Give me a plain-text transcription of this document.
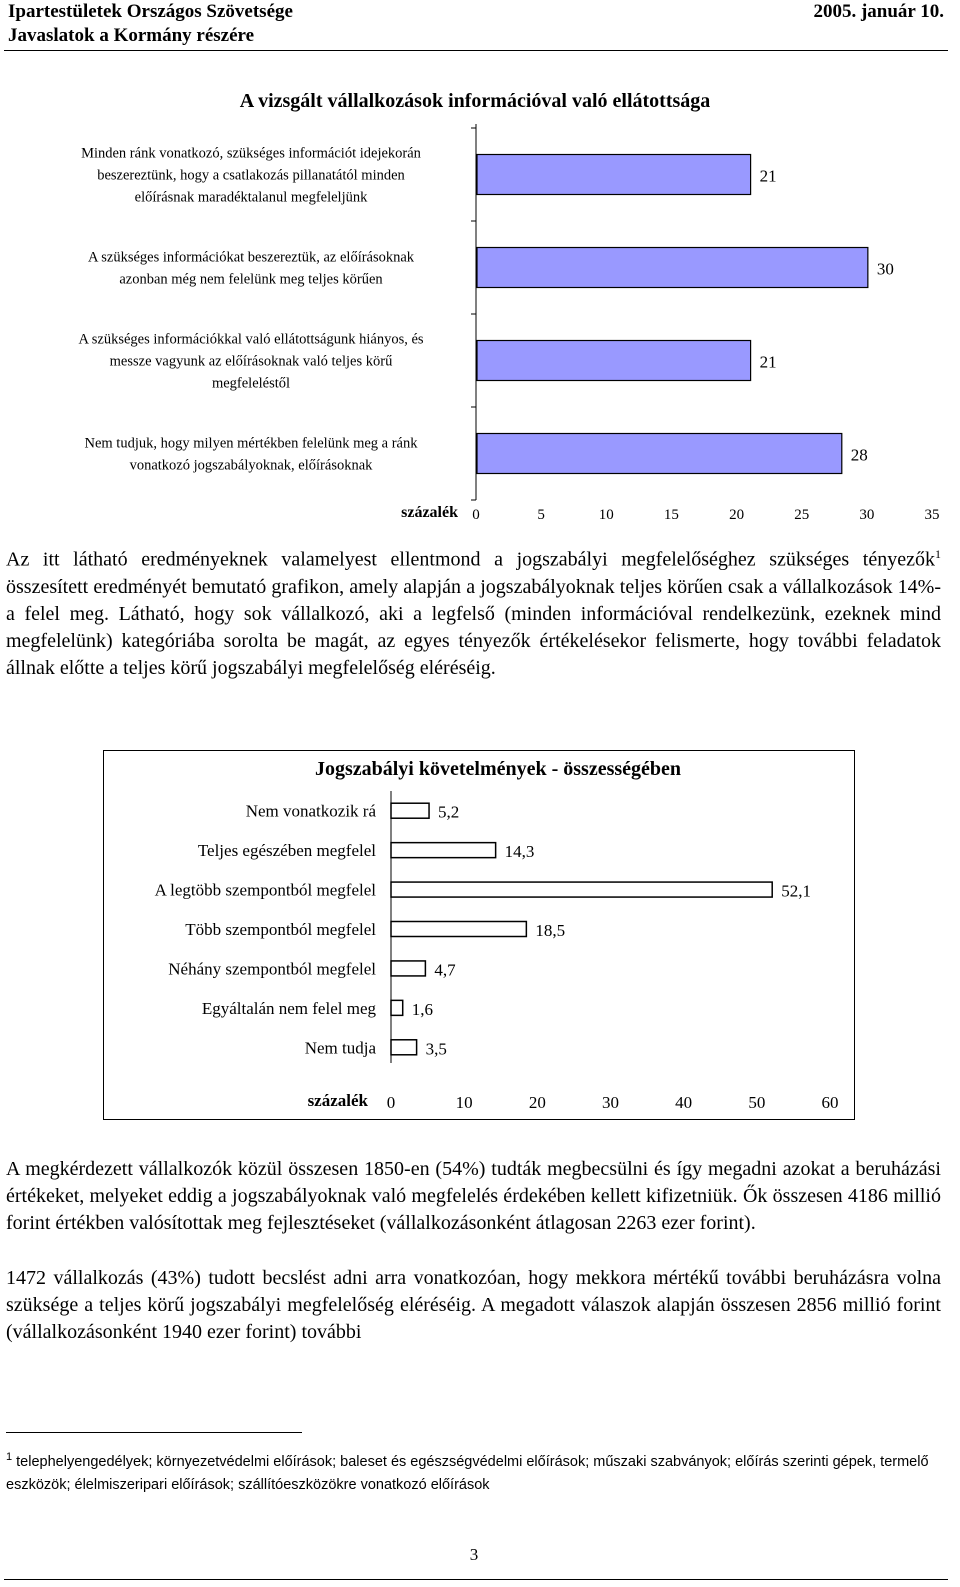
Ipartestületek Országos Szövetsége	2005. január 10.
Javaslatok a Kormány részére
A vizsgált vállalkozások információval való ellátottsága
21
Minden ránk vonatkozó, szükséges információt idejekorán
beszereztünk, hogy a csatlakozás pillanatától minden
előírásnak maradéktalanul megfeleljünk
30
A szükséges információkat beszereztük, az előírásoknak
azonban még nem felelünk meg teljes körűen
21
A szükséges információkkal való ellátottságunk hiányos, és
messze vagyunk az előírásoknak való teljes körű
megfeleléstől
28
Nem tudjuk, hogy milyen mértékben felelünk meg a ránk
vonatkozó jogszabályoknak, előírásoknak
0	5	10	15	20	25	30	35
százalék

Az itt látható eredményeknek valamelyest ellentmond a jogszabályi megfelelőséghez szükséges tényezők$^1$ összesített eredményét bemutató grafikon, amely alapján a jogszabályoknak teljes körűen csak a vállalkozások 14%-a felel meg. Látható, hogy sok vállalkozó, aki a legfelső (minden információval rendelkezünk, ezeknek mind megfelelünk) kategóriába sorolta be magát, az egyes tényezők értékelésekor felismerte, hogy további feladatok állnak előtte a teljes körű jogszabályi megfelelőség eléréséig.

Jogszabályi követelmények - összességében
5,2
Nem vonatkozik rá
14,3
Teljes egészében megfelel
52,1
A legtöbb szempontból megfelel
18,5
Több szempontból megfelel
4,7
Néhány szempontból megfelel
1,6
Egyáltalán nem felel meg
3,5
Nem tudja
0	10	20	30	40	50	60
százalék

A megkérdezett vállalkozók közül összesen 1850-en (54%) tudták megbecsülni és így megadni azokat a beruházási értékeket, melyeket eddig a jogszabályoknak való megfelelés érdekében kellett kifizetniük. Ők összesen 4186 millió forint értékben valósítottak meg fejlesztéseket (vállalkozásonként átlagosan 2263 ezer forint).

1472 vállalkozás (43%) tudott becslést adni arra vonatkozóan, hogy mekkora mértékű további beruházásra volna szüksége a teljes körű jogszabályi megfelelőség eléréséig. A megadott válaszok alapján összesen 2856 millió forint (vállalkozásonként 1940 ezer forint) további

$^1$ telephelyengedélyek; környezetvédelmi előírások; baleset és egészségvédelmi előírások; műszaki szabványok; előírás szerinti gépek, termelő eszközök; élelmiszeripari előírások; szállítóeszközökre vonatkozó előírások

3
